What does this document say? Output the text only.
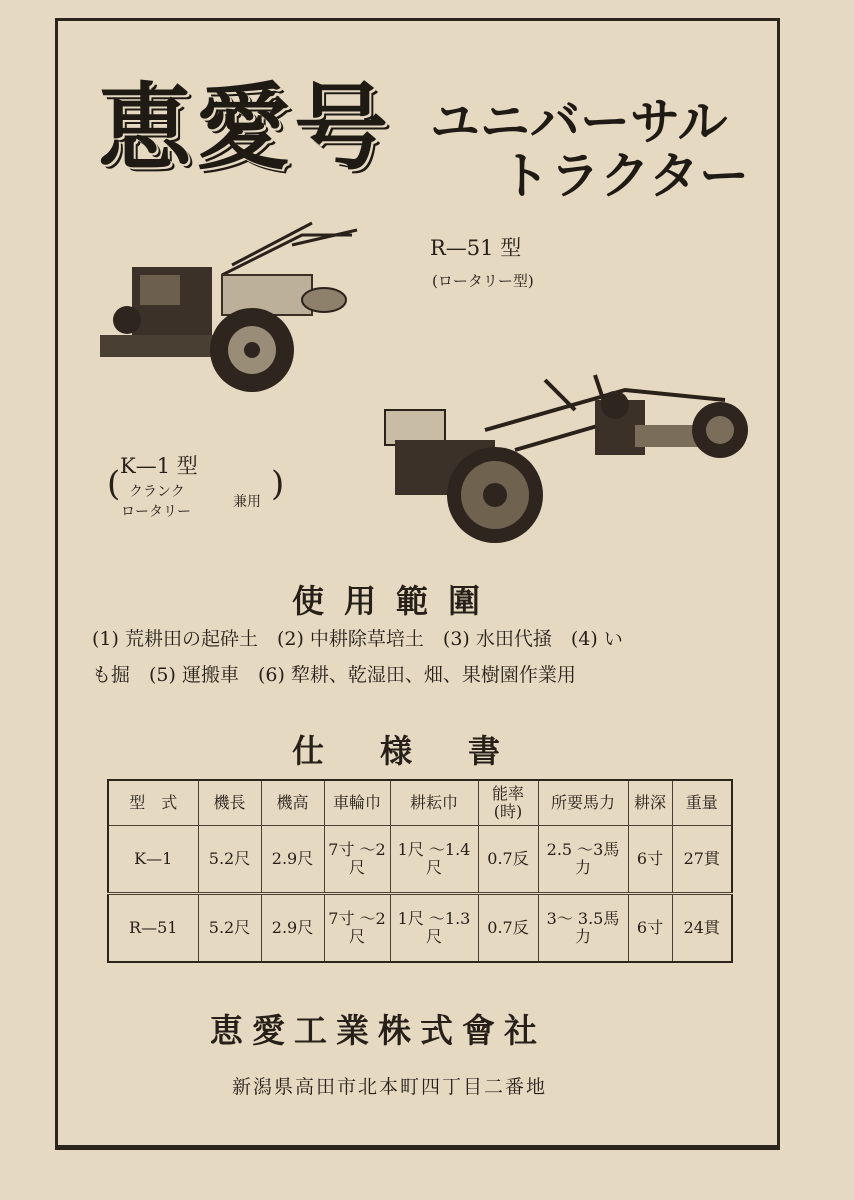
恵愛号 ユニバーサル
トラクター
R—51 型
(ロータリー型)
K—1 型
( クランク
ロータリー
兼用 )
使用範圍
(1) 荒耕田の起砕土　(2) 中耕除草培土　(3) 水田代掻　(4) い
も掘　(5) 運搬車　(6) 犂耕、乾湿田、畑、果樹園作業用
仕様書
型　式	機長	機高	車輪巾	耕耘巾	能率(時)	所要馬力	耕深	重量
K—1	5.2尺	2.9尺	7寸 ～2尺	1尺 ～1.4尺	0.7反	2.5 ～3馬力	6寸	27貫
R—51	5.2尺	2.9尺	7寸 ～2尺	1尺 ～1.3尺	0.7反	3～ 3.5馬力	6寸	24貫
恵愛工業株式會社
新潟県高田市北本町四丁目二番地
